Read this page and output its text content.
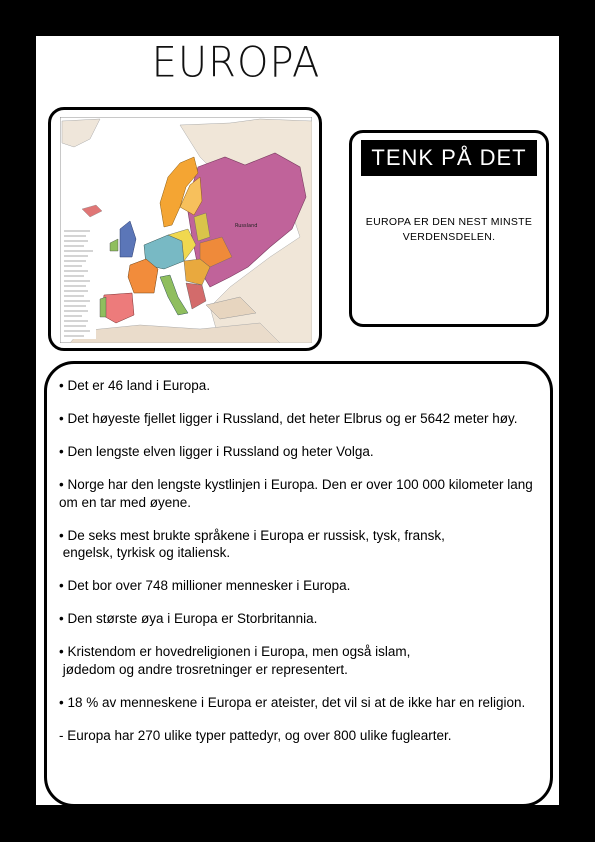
EUROPA
Russland
TENK PÅ DET
EUROPA ER DEN NEST MINSTE VERDENSDELEN.
• Det er 46 land i Europa.
• Det høyeste fjellet ligger i Russland, det heter Elbrus og er 5642 meter høy.
• Den lengste elven ligger i Russland og heter Volga.
• Norge har den lengste kystlinjen i Europa. Den er over 100 000 kilometer lang om en tar med øyene.
• De seks mest brukte språkene i Europa er russisk, tysk, fransk,
engelsk, tyrkisk og italiensk.
• Det bor over 748 millioner mennesker i Europa.
• Den største øya i Europa er Storbritannia.
• Kristendom er hovedreligionen i Europa, men også islam,
jødedom og andre trosretninger er representert.
• 18 % av menneskene i Europa er ateister, det vil si at de ikke har en religion.
- Europa har 270 ulike typer pattedyr, og over 800 ulike fuglearter.
